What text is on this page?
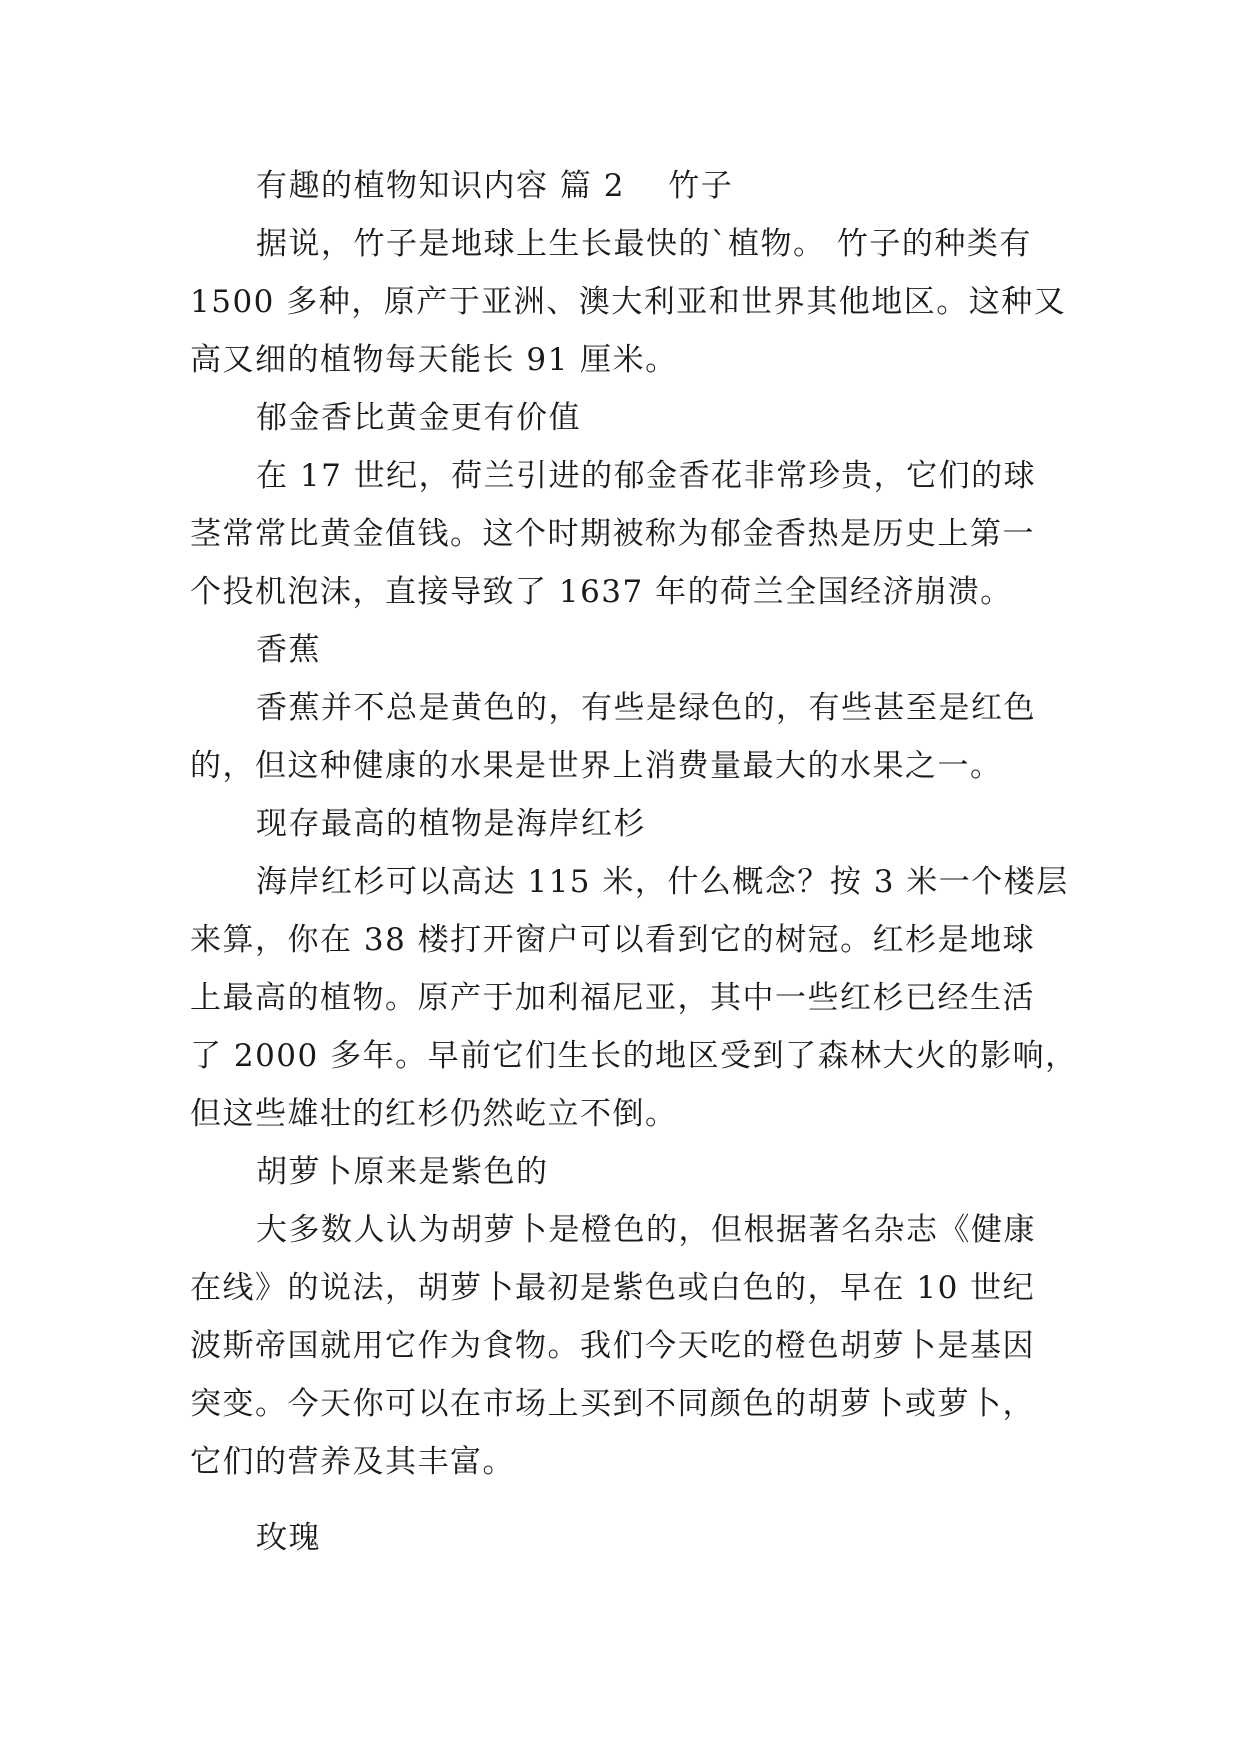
有趣的植物知识内容 篇 2 竹子
据说，竹子是地球上生长最快的`植物。 竹子的种类有
1500 多种，原产于亚洲、澳大利亚和世界其他地区。这种又
高又细的植物每天能长 91 厘米。
郁金香比黄金更有价值
在 17 世纪，荷兰引进的郁金香花非常珍贵，它们的球
茎常常比黄金值钱。这个时期被称为郁金香热是历史上第一
个投机泡沫，直接导致了 1637 年的荷兰全国经济崩溃。
香蕉
香蕉并不总是黄色的，有些是绿色的，有些甚至是红色
的，但这种健康的水果是世界上消费量最大的水果之一。
现存最高的植物是海岸红杉
海岸红杉可以高达 115 米，什么概念？按 3 米一个楼层
来算，你在 38 楼打开窗户可以看到它的树冠。红杉是地球
上最高的植物。原产于加利福尼亚，其中一些红杉已经生活
了 2000 多年。早前它们生长的地区受到了森林大火的影响，
但这些雄壮的红杉仍然屹立不倒。
胡萝卜原来是紫色的
大多数人认为胡萝卜是橙色的，但根据著名杂志《健康
在线》的说法，胡萝卜最初是紫色或白色的，早在 10 世纪
波斯帝国就用它作为食物。我们今天吃的橙色胡萝卜是基因
突变。今天你可以在市场上买到不同颜色的胡萝卜或萝卜，
它们的营养及其丰富。
玫瑰
